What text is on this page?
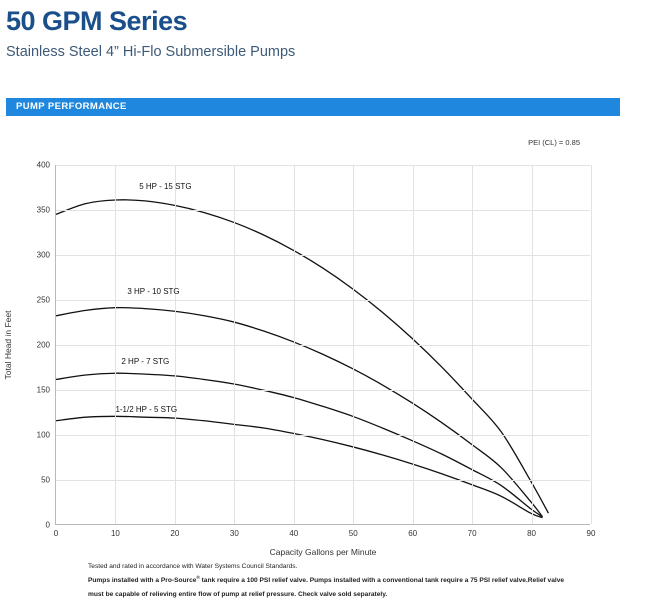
50 GPM Series
Stainless Steel 4” Hi-Flo Submersible Pumps
PUMP PERFORMANCE
PEI (CL) = 0.85
Total Head in Feet
Capacity Gallons per Minute
0
50
100
150
200
250
300
350
400
0	10	20	30	40	50	60	70	80	90
5 HP - 15 STG
3 HP - 10 STG
2 HP - 7 STG
1-1/2 HP - 5 STG

Tested and rated in accordance with Water Systems Council Standards.

Pumps installed with a Pro-Source® tank require a 100 PSI relief valve. Pumps installed with a conventional tank require a 75 PSI relief valve.Relief valve

must be capable of relieving entire flow of pump at relief pressure. Check valve sold separately.
